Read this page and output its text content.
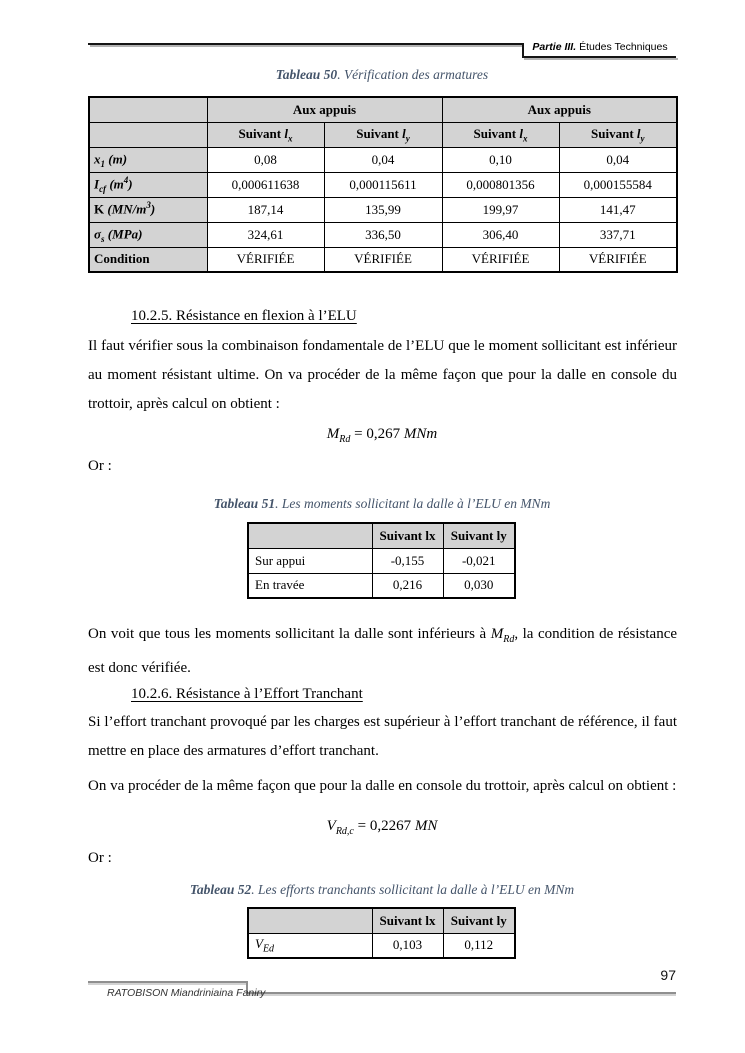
Partie III. Études Techniques
Tableau 50. Vérification des armatures
	Aux appuis		Aux appuis	
	Suivant $l_x$	Suivant $l_y$	Suivant $l_x$	Suivant $l_y$
$x_1$ (m)	0,08	0,04	0,10	0,04
$I_{cf}$ $(m^4)$	0,000611638	0,000115611	0,000801356	0,000155584
K $(MN/m^3)$	187,14	135,99	199,97	141,47
$\sigma_s$ (MPa)	324,61	336,50	306,40	337,71
Condition	VÉRIFIÉE	VÉRIFIÉE	VÉRIFIÉE	VÉRIFIÉE
10.2.5. Résistance en flexion à l’ELU
Il faut vérifier sous la combinaison fondamentale de l’ELU que le moment sollicitant est inférieur au moment résistant ultime. On va procéder de la même façon que pour la dalle en console du trottoir, après calcul on obtient :
$M_{Rd} = 0,267$ MNm
Or :
Tableau 51. Les moments sollicitant la dalle à l’ELU en MNm
	Suivant lx	Suivant ly
Sur appui	-0,155	-0,021
En travée	0,216	0,030
On voit que tous les moments sollicitant la dalle sont inférieurs à $M_{Rd}$, la condition de résistance est donc vérifiée.
10.2.6. Résistance à l’Effort Tranchant
Si l’effort tranchant provoqué par les charges est supérieur à l’effort tranchant de référence, il faut mettre en place des armatures d’effort tranchant.
On va procéder de la même façon que pour la dalle en console du trottoir, après calcul on obtient :
$V_{Rd,c} = 0,2267$ MN
Or :
Tableau 52. Les efforts tranchants sollicitant la dalle à l’ELU en MNm
	Suivant lx	Suivant ly
$V_{Ed}$	0,103	0,112
97
RATOBISON Miandriniaina Faniry
